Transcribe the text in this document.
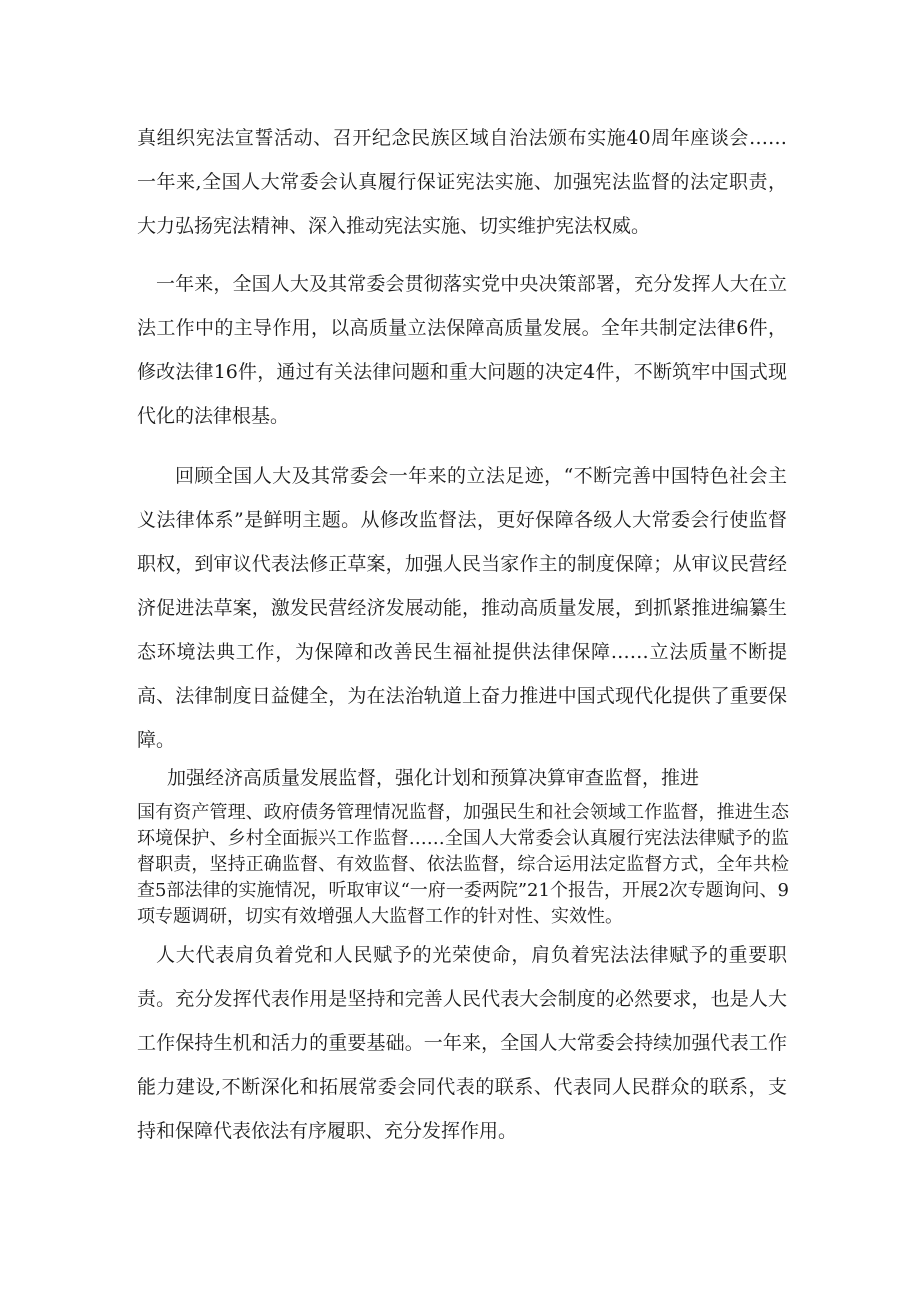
真组织宪法宣誓活动、召开纪念民族区域自治法颁布实施40周年座谈会……一年来,全国人大常委会认真履行保证宪法实施、加强宪法监督的法定职责，大力弘扬宪法精神、深入推动宪法实施、切实维护宪法权威。

一年来，全国人大及其常委会贯彻落实党中央决策部署，充分发挥人大在立法工作中的主导作用，以高质量立法保障高质量发展。全年共制定法律6件，修改法律16件，通过有关法律问题和重大问题的决定4件，不断筑牢中国式现代化的法律根基。

回顾全国人大及其常委会一年来的立法足迹，“不断完善中国特色社会主义法律体系”是鲜明主题。从修改监督法，更好保障各级人大常委会行使监督职权，到审议代表法修正草案，加强人民当家作主的制度保障；从审议民营经济促进法草案，激发民营经济发展动能，推动高质量发展，到抓紧推进编纂生态环境法典工作，为保障和改善民生福祉提供法律保障……立法质量不断提高、法律制度日益健全，为在法治轨道上奋力推进中国式现代化提供了重要保障。

加强经济高质量发展监督，强化计划和预算决算审查监督，推进

国有资产管理、政府债务管理情况监督，加强民生和社会领域工作监督，推进生态环境保护、乡村全面振兴工作监督……全国人大常委会认真履行宪法法律赋予的监督职责，坚持正确监督、有效监督、依法监督，综合运用法定监督方式，全年共检查5部法律的实施情况，听取审议“一府一委两院”21个报告，开展2次专题询问、9项专题调研，切实有效增强人大监督工作的针对性、实效性。

人大代表肩负着党和人民赋予的光荣使命，肩负着宪法法律赋予的重要职责。充分发挥代表作用是坚持和完善人民代表大会制度的必然要求，也是人大工作保持生机和活力的重要基础。一年来，全国人大常委会持续加强代表工作能力建设,不断深化和拓展常委会同代表的联系、代表同人民群众的联系，支持和保障代表依法有序履职、充分发挥作用。
